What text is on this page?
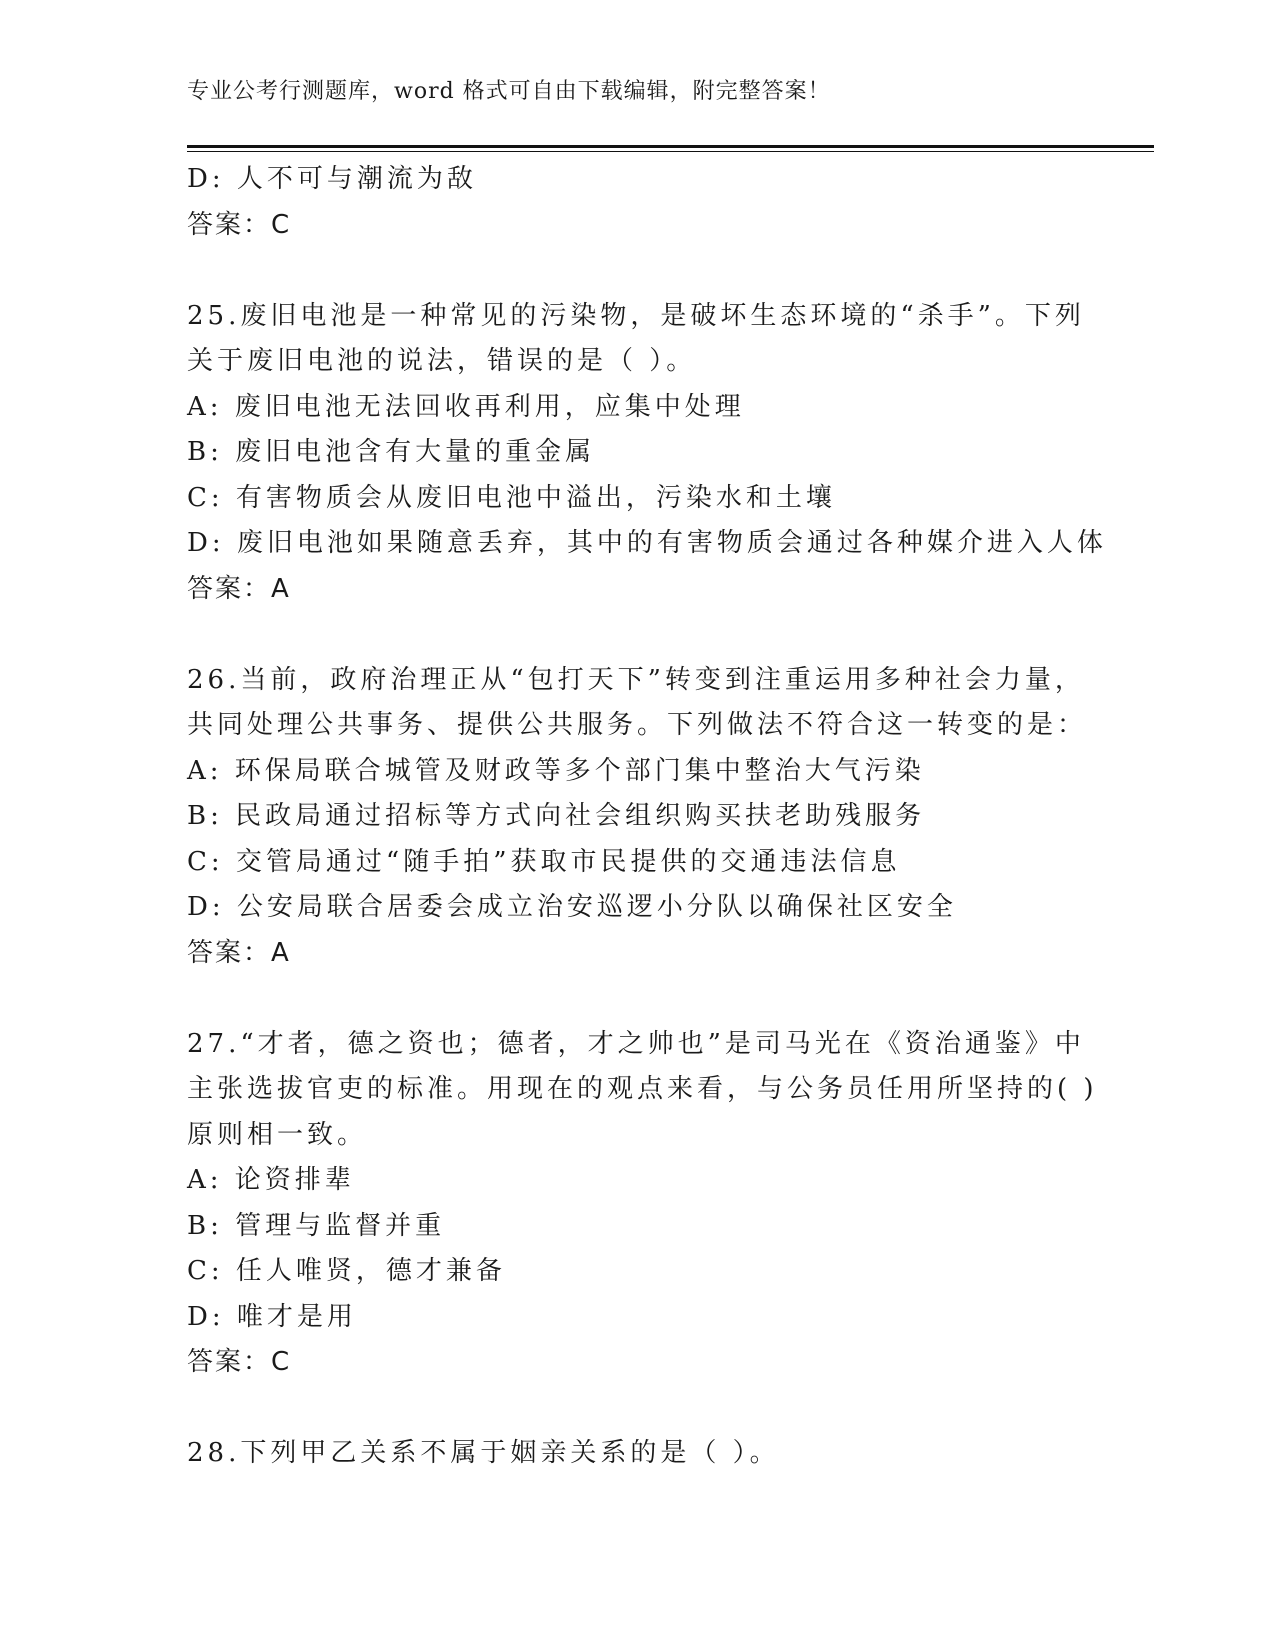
专业公考行测题库，word 格式可自由下载编辑，附完整答案！
D: 人不可与潮流为敌
答案：C
25.废旧电池是一种常见的污染物，是破坏生态环境的“杀手”。下列
关于废旧电池的说法，错误的是（ ）。
A: 废旧电池无法回收再利用，应集中处理
B: 废旧电池含有大量的重金属
C: 有害物质会从废旧电池中溢出，污染水和土壤
D: 废旧电池如果随意丢弃，其中的有害物质会通过各种媒介进入人体
答案：A
26.当前，政府治理正从“包打天下”转变到注重运用多种社会力量，
共同处理公共事务、提供公共服务。下列做法不符合这一转变的是：
A: 环保局联合城管及财政等多个部门集中整治大气污染
B: 民政局通过招标等方式向社会组织购买扶老助残服务
C: 交管局通过“随手拍”获取市民提供的交通违法信息
D: 公安局联合居委会成立治安巡逻小分队以确保社区安全
答案：A
27.“才者，德之资也；德者，才之帅也”是司马光在《资治通鉴》中
主张选拔官吏的标准。用现在的观点来看，与公务员任用所坚持的( )
原则相一致。
A: 论资排辈
B: 管理与监督并重
C: 任人唯贤，德才兼备
D: 唯才是用
答案：C
28.下列甲乙关系不属于姻亲关系的是（ ）。
